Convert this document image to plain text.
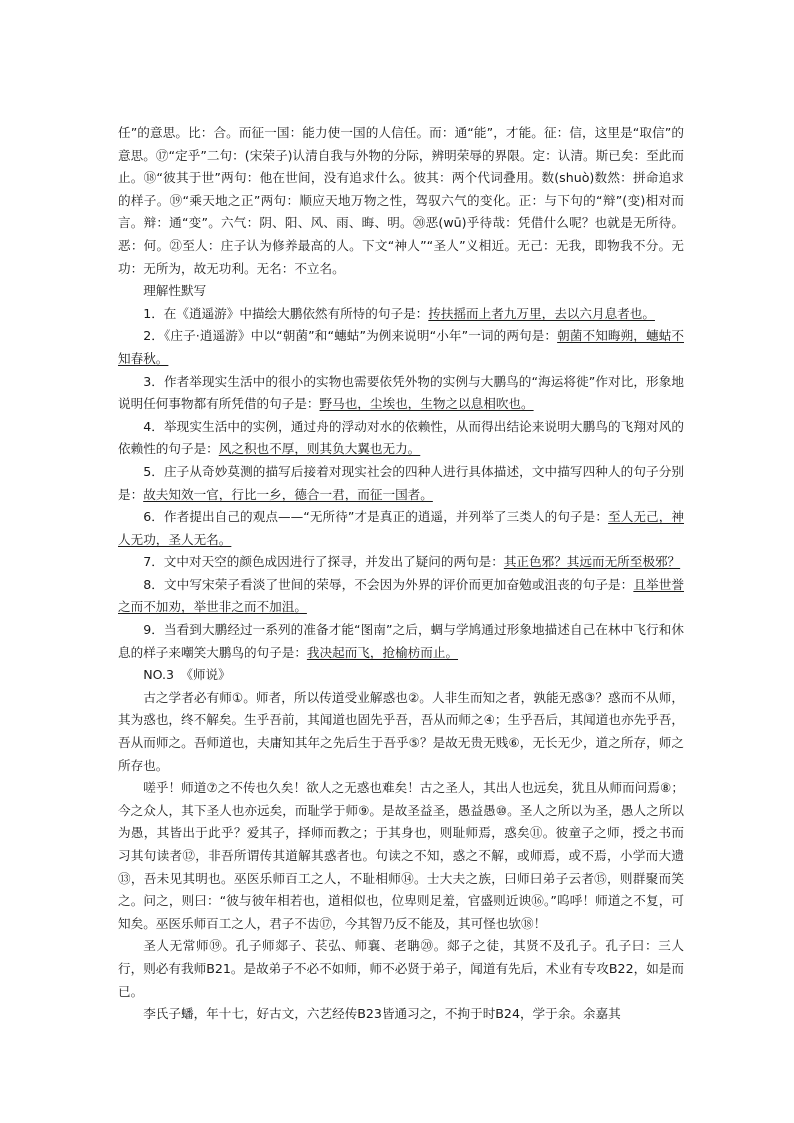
任”的意思。比：合。而征一国：能力使一国的人信任。而：通“能”，才能。征：信，这里是“取信”的意思。⑰“定乎”二句：(宋荣子)认清自我与外物的分际，辨明荣辱的界限。定：认清。斯已矣：至此而止。⑱“彼其于世”两句：他在世间，没有追求什么。彼其：两个代词叠用。数(shuò)数然：拼命追求的样子。⑲“乘天地之正”两句：顺应天地万物之性，驾驭六气的变化。正：与下句的“辩”(变)相对而言。辩：通“变”。六气：阴、阳、风、雨、晦、明。⑳恶(wū)乎待哉：凭借什么呢？也就是无所待。恶：何。㉑至人：庄子认为修养最高的人。下文“神人”“圣人”义相近。无己：无我，即物我不分。无功：无所为，故无功利。无名：不立名。

理解性默写

1．在《逍遥游》中描绘大鹏依然有所恃的句子是：抟扶摇而上者九万里，去以六月息者也。

2．《庄子·逍遥游》中以“朝菌”和“蟪蛄”为例来说明“小年”一词的两句是：朝菌不知晦朔，蟪蛄不知春秋。

3．作者举现实生活中的很小的实物也需要依凭外物的实例与大鹏鸟的“海运将徙”作对比，形象地说明任何事物都有所凭借的句子是：野马也，尘埃也，生物之以息相吹也。

4．举现实生活中的实例，通过舟的浮动对水的依赖性，从而得出结论来说明大鹏鸟的飞翔对风的依赖性的句子是：风之积也不厚，则其负大翼也无力。

5．庄子从奇妙莫测的描写后接着对现实社会的四种人进行具体描述，文中描写四种人的句子分别是：故夫知效一官，行比一乡，德合一君，而征一国者。

6．作者提出自己的观点——“无所待”才是真正的逍遥，并列举了三类人的句子是：至人无己，神人无功，圣人无名。

7．文中对天空的颜色成因进行了探寻，并发出了疑问的两句是：其正色邪？其远而无所至极邪？

8．文中写宋荣子看淡了世间的荣辱，不会因为外界的评价而更加奋勉或沮丧的句子是：且举世誉之而不加劝，举世非之而不加沮。

9．当看到大鹏经过一系列的准备才能“图南”之后，蜩与学鸠通过形象地描述自己在林中飞行和休息的样子来嘲笑大鹏鸟的句子是：我决起而飞，抢榆枋而止。

NO.3　《师说》

古之学者必有师①。师者，所以传道受业解惑也②。人非生而知之者，孰能无惑③？惑而不从师，其为惑也，终不解矣。生乎吾前，其闻道也固先乎吾，吾从而师之④；生乎吾后，其闻道也亦先乎吾，吾从而师之。吾师道也，夫庸知其年之先后生于吾乎⑤？是故无贵无贱⑥，无长无少，道之所存，师之所存也。

嗟乎！师道⑦之不传也久矣！欲人之无惑也难矣！古之圣人，其出人也远矣，犹且从师而问焉⑧；今之众人，其下圣人也亦远矣，而耻学于师⑨。是故圣益圣，愚益愚⑩。圣人之所以为圣，愚人之所以为愚，其皆出于此乎？爱其子，择师而教之；于其身也，则耻师焉，惑矣⑪。彼童子之师，授之书而习其句读者⑫，非吾所谓传其道解其惑者也。句读之不知，惑之不解，或师焉，或不焉，小学而大遗⑬，吾未见其明也。巫医乐师百工之人，不耻相师⑭。士大夫之族，曰师曰弟子云者⑮，则群聚而笑之。问之，则曰：“彼与彼年相若也，道相似也，位卑则足羞，官盛则近谀⑯。”呜呼！师道之不复，可知矣。巫医乐师百工之人，君子不齿⑰，今其智乃反不能及，其可怪也欤⑱！

圣人无常师⑲。孔子师郯子、苌弘、师襄、老聃⑳。郯子之徒，其贤不及孔子。孔子曰：三人行，则必有我师B21。是故弟子不必不如师，师不必贤于弟子，闻道有先后，术业有专攻B22，如是而已。

李氏子蟠，年十七，好古文，六艺经传B23皆通习之，不拘于时B24，学于余。余嘉其
